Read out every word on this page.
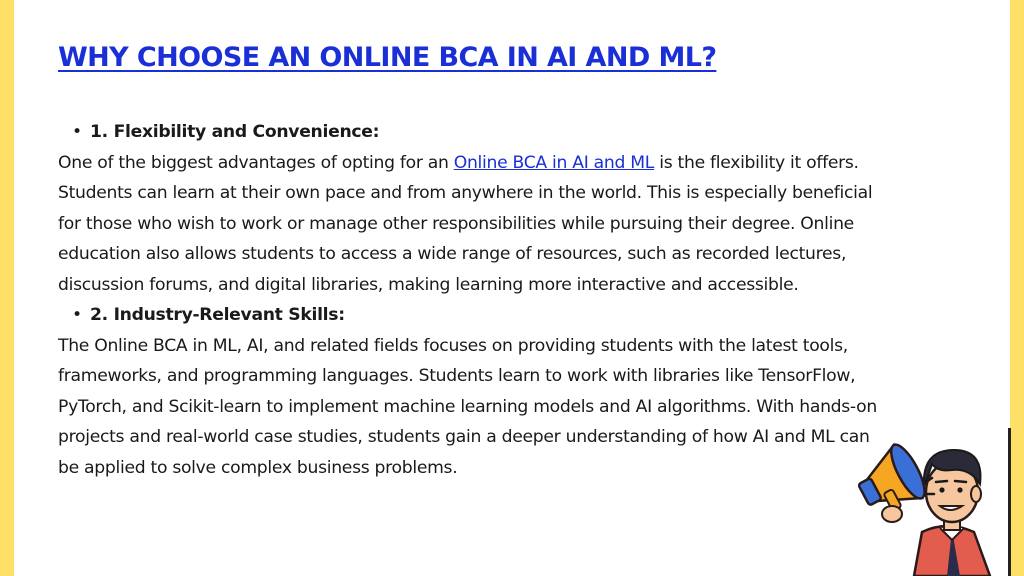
WHY CHOOSE AN ONLINE BCA IN AI AND ML?
• 1. Flexibility and Convenience:

One of the biggest advantages of opting for an Online BCA in AI and ML is the flexibility it offers. Students can learn at their own pace and from anywhere in the world. This is especially beneficial for those who wish to work or manage other responsibilities while pursuing their degree. Online education also allows students to access a wide range of resources, such as recorded lectures, discussion forums, and digital libraries, making learning more interactive and accessible.

• 2. Industry-Relevant Skills:

The Online BCA in ML, AI, and related fields focuses on providing students with the latest tools, frameworks, and programming languages. Students learn to work with libraries like TensorFlow, PyTorch, and Scikit-learn to implement machine learning models and AI algorithms. With hands-on projects and real-world case studies, students gain a deeper understanding of how AI and ML can be applied to solve complex business problems.
